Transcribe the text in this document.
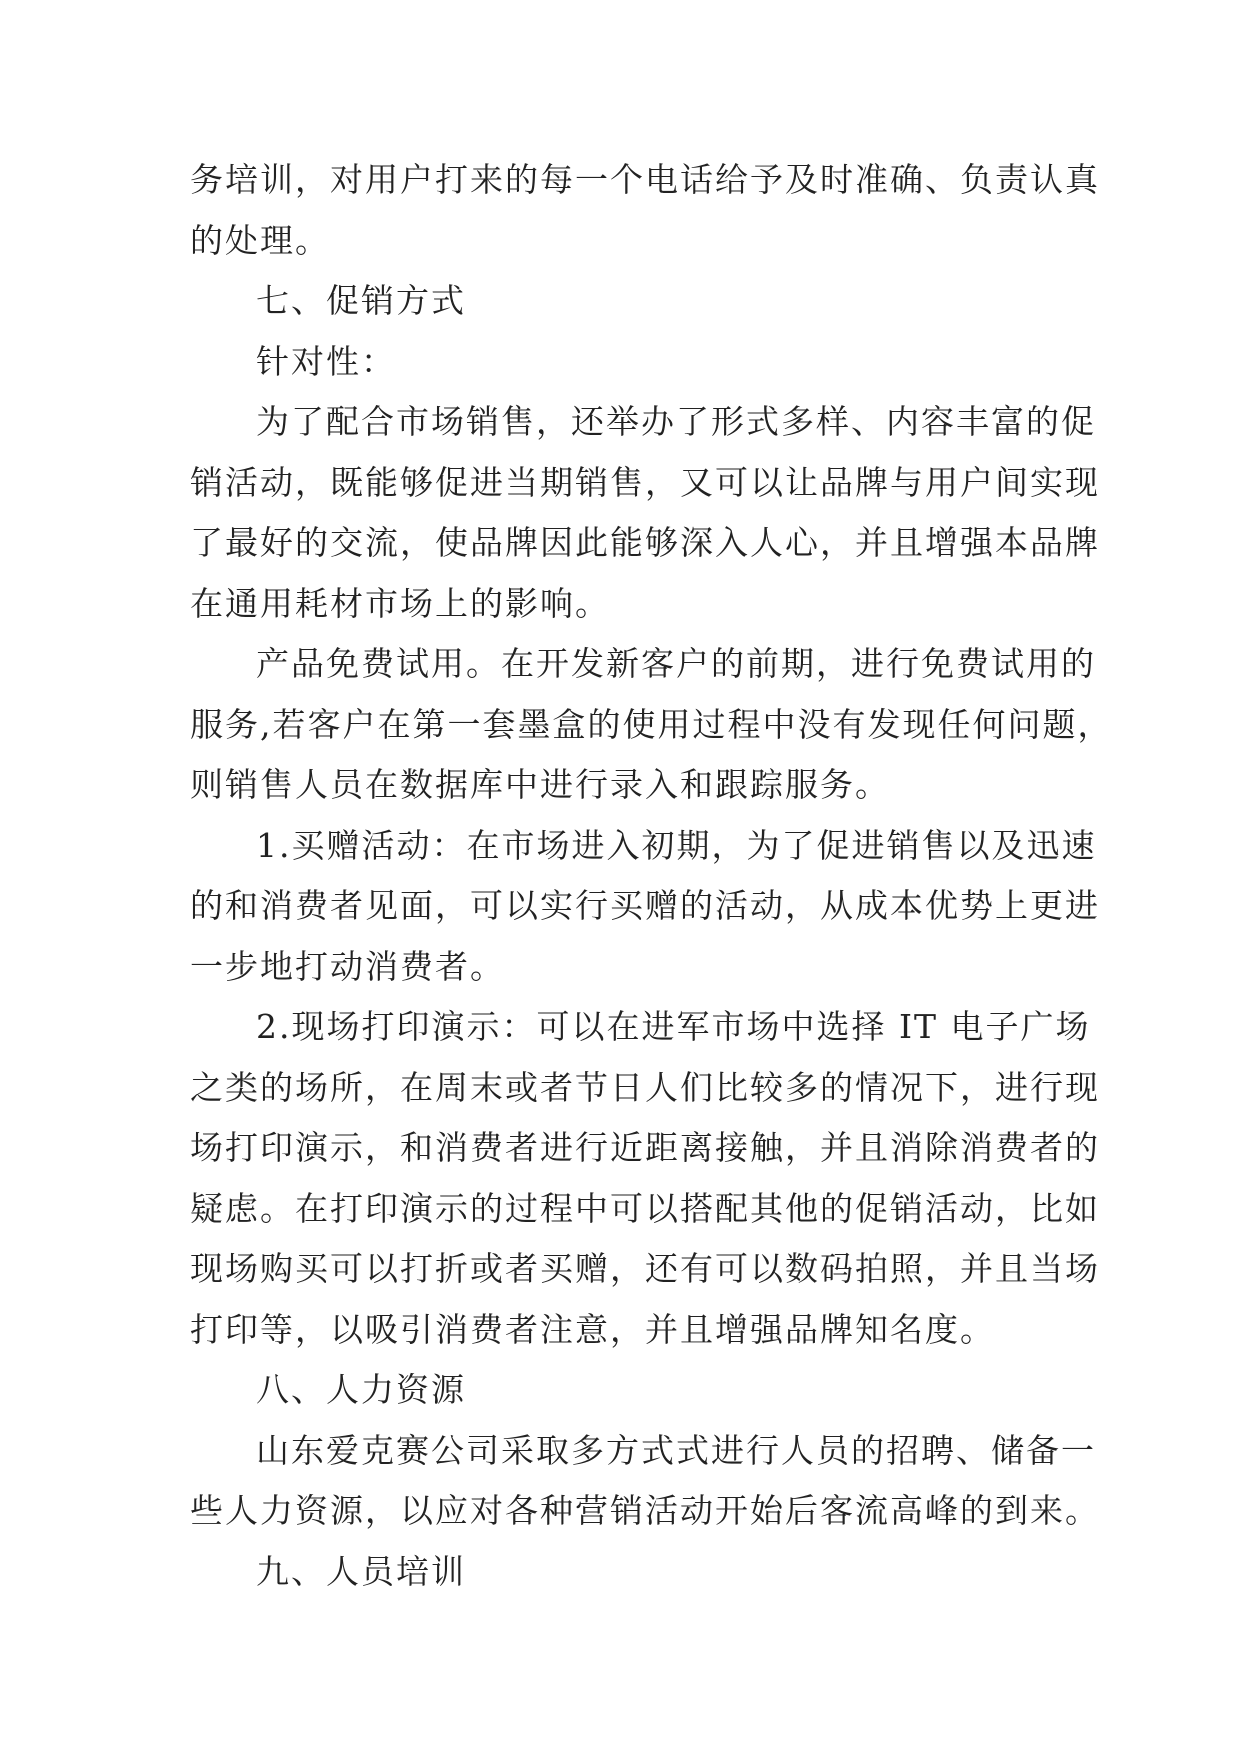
务培训，对用户打来的每一个电话给予及时准确、负责认真
的处理。
七、促销方式
针对性：
为了配合市场销售，还举办了形式多样、内容丰富的促
销活动，既能够促进当期销售，又可以让品牌与用户间实现
了最好的交流，使品牌因此能够深入人心，并且增强本品牌
在通用耗材市场上的影响。
产品免费试用。在开发新客户的前期，进行免费试用的
服务,若客户在第一套墨盒的使用过程中没有发现任何问题，
则销售人员在数据库中进行录入和跟踪服务。
1.买赠活动：在市场进入初期，为了促进销售以及迅速
的和消费者见面，可以实行买赠的活动，从成本优势上更进
一步地打动消费者。
2.现场打印演示：可以在进军市场中选择 IT 电子广场
之类的场所，在周末或者节日人们比较多的情况下，进行现
场打印演示，和消费者进行近距离接触，并且消除消费者的
疑虑。在打印演示的过程中可以搭配其他的促销活动，比如
现场购买可以打折或者买赠，还有可以数码拍照，并且当场
打印等，以吸引消费者注意，并且增强品牌知名度。
八、人力资源
山东爱克赛公司采取多方式式进行人员的招聘、储备一
些人力资源，以应对各种营销活动开始后客流高峰的到来。
九、人员培训
